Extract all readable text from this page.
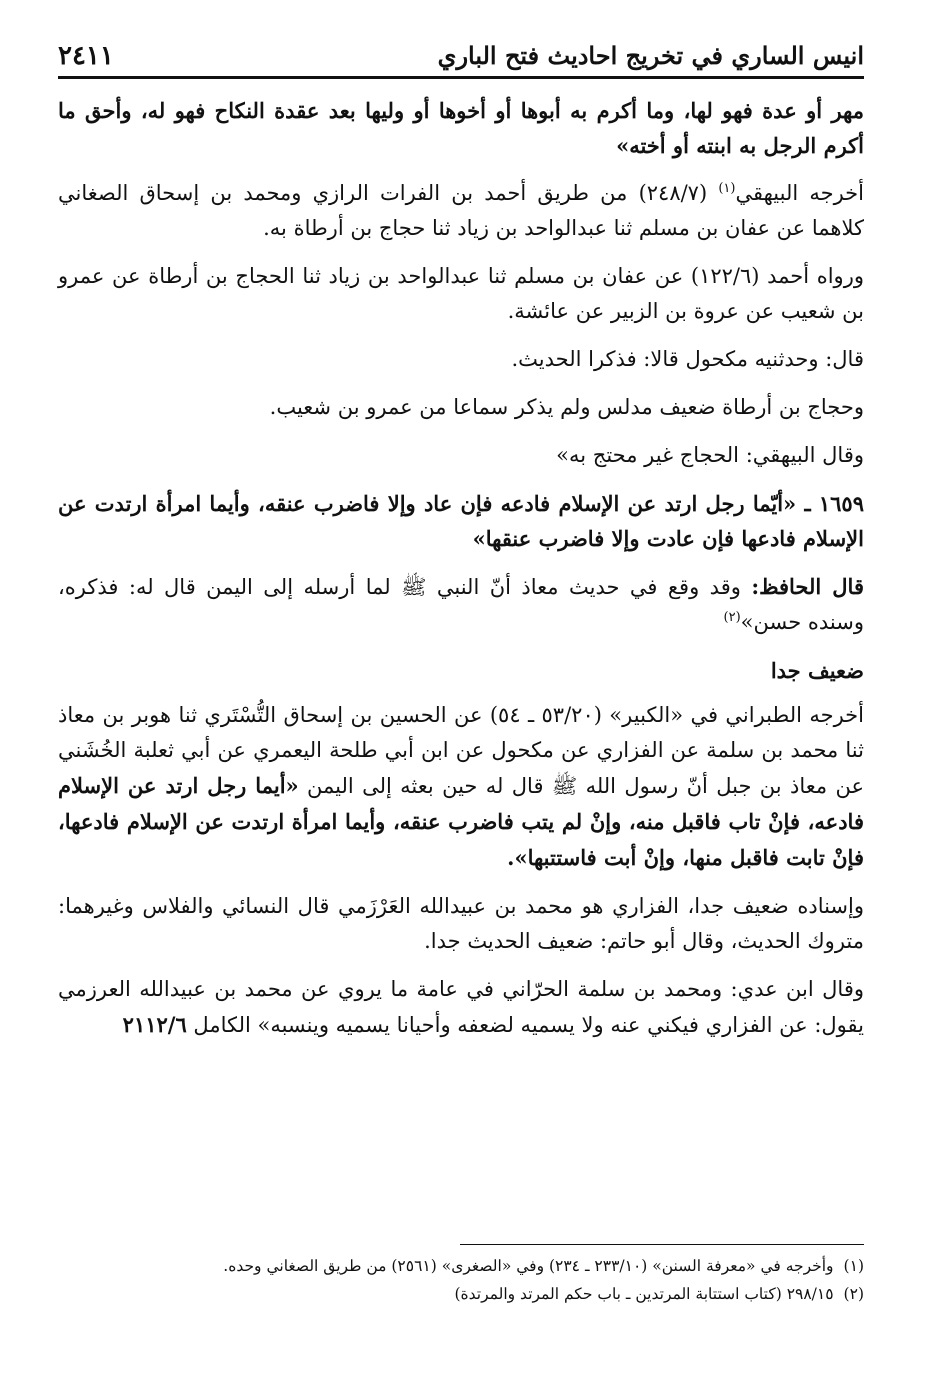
انيس الساري في تخريج احاديث فتح الباري
٢٤١١

مهر أو عدة فهو لها، وما أكرم به أبوها أو أخوها أو وليها بعد عقدة النكاح فهو له، وأحق ما أكرم الرجل به ابنته أو أخته»

أخرجه البيهقي$^{(١)}$ (٢٤٨/٧) من طريق أحمد بن الفرات الرازي ومحمد بن إسحاق الصغاني كلاهما عن عفان بن مسلم ثنا عبدالواحد بن زياد ثنا حجاج بن أرطاة به.

ورواه أحمد (١٢٢/٦) عن عفان بن مسلم ثنا عبدالواحد بن زياد ثنا الحجاج بن أرطاة عن عمرو بن شعيب عن عروة بن الزبير عن عائشة.

قال: وحدثنيه مكحول قالا: فذكرا الحديث.

وحجاج بن أرطاة ضعيف مدلس ولم يذكر سماعا من عمرو بن شعيب.

وقال البيهقي: الحجاج غير محتج به»

١٦٥٩ ـ «أيّما رجل ارتد عن الإسلام فادعه فإن عاد وإلا فاضرب عنقه، وأيما امرأة ارتدت عن الإسلام فادعها فإن عادت وإلا فاضرب عنقها»

قال الحافظ: وقد وقع في حديث معاذ أنّ النبي ﷺ لما أرسله إلى اليمن قال له: فذكره، وسنده حسن»$^{(٢)}$

ضعيف جدا

أخرجه الطبراني في «الكبير» (٥٣/٢٠ ـ ٥٤) عن الحسين بن إسحاق التُّسْتَري ثنا هوبر بن معاذ ثنا محمد بن سلمة عن الفزاري عن مكحول عن ابن أبي طلحة اليعمري عن أبي ثعلبة الخُشَني عن معاذ بن جبل أنّ رسول الله ﷺ قال له حين بعثه إلى اليمن «أيما رجل ارتد عن الإسلام فادعه، فإنْ تاب فاقبل منه، وإنْ لم يتب فاضرب عنقه، وأيما امرأة ارتدت عن الإسلام فادعها، فإنْ تابت فاقبل منها، وإنْ أبت فاستتبها».

وإسناده ضعيف جدا، الفزاري هو محمد بن عبيدالله العَرْزَمي قال النسائي والفلاس وغيرهما: متروك الحديث، وقال أبو حاتم: ضعيف الحديث جدا.

وقال ابن عدي: ومحمد بن سلمة الحرّاني في عامة ما يروي عن محمد بن عبيدالله العرزمي يقول: عن الفزاري فيكني عنه ولا يسميه لضعفه وأحيانا يسميه وينسبه» الكامل ٢١١٢/٦

(١)وأخرجه في «معرفة السنن» (٢٣٣/١٠ ـ ٢٣٤) وفي «الصغرى» (٢٥٦١) من طريق الصغاني وحده.

(٢)٢٩٨/١٥ (كتاب استتابة المرتدين ـ باب حكم المرتد والمرتدة)
